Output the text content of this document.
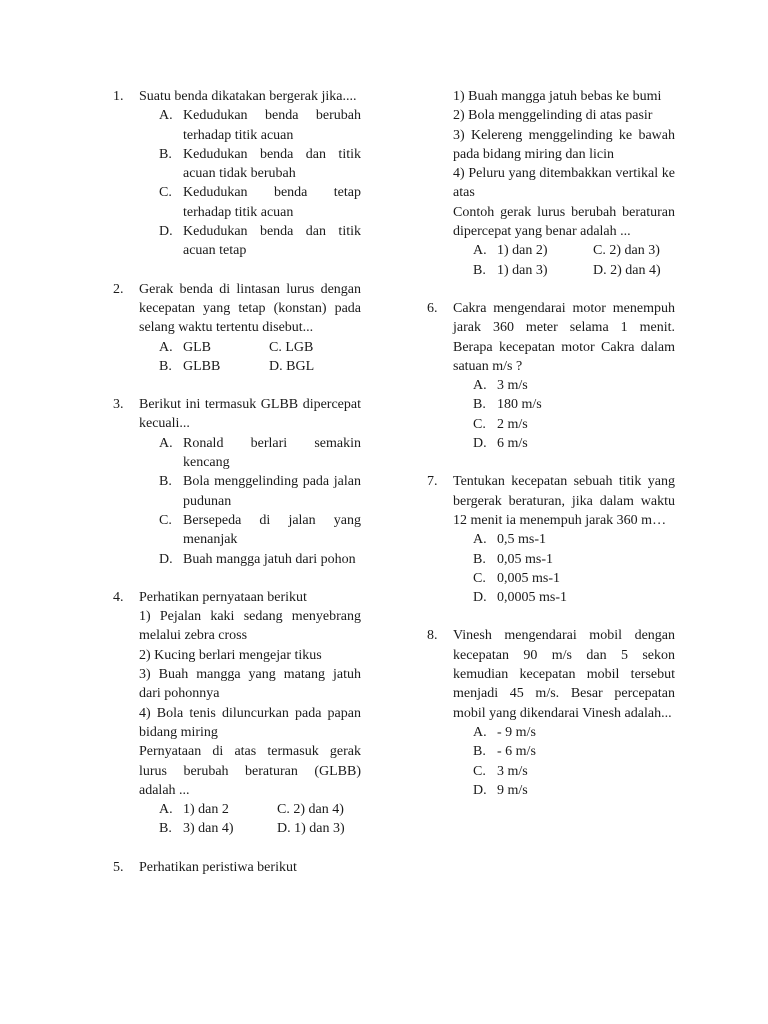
1. Suatu benda dikatakan bergerak jika....
A. Kedudukan benda berubah terhadap titik acuan
B. Kedudukan benda dan titik acuan tidak berubah
C. Kedudukan benda tetap terhadap titik acuan
D. Kedudukan benda dan titik acuan tetap
2. Gerak benda di lintasan lurus dengan kecepatan yang tetap (konstan) pada selang waktu tertentu disebut...
A. GLB	C. LGB
B. GLBB	D. BGL
3. Berikut ini termasuk GLBB dipercepat kecuali...
A. Ronald berlari semakin kencang
B. Bola menggelinding pada jalan pudunan
C. Bersepeda di jalan yang menanjak
D. Buah mangga jatuh dari pohon
4. Perhatikan pernyataan berikut
1) Pejalan kaki sedang menyebrang melalui zebra cross
2) Kucing berlari mengejar tikus
3) Buah mangga yang matang jatuh dari pohonnya
4) Bola tenis diluncurkan pada papan bidang miring
Pernyataan di atas termasuk gerak lurus berubah beraturan (GLBB) adalah ...
A. 1) dan 2	C. 2) dan 4)
B. 3) dan 4)	D. 1) dan 3)
5. Perhatikan peristiwa berikut
1) Buah mangga jatuh bebas ke bumi
2) Bola menggelinding di atas pasir
3) Kelereng menggelinding ke bawah pada bidang miring dan licin
4) Peluru yang ditembakkan vertikal ke atas
Contoh gerak lurus berubah beraturan dipercepat yang benar adalah ...
A. 1) dan 2)	C. 2) dan 3)
B. 1) dan 3)	D. 2) dan 4)
6. Cakra mengendarai motor menempuh jarak 360 meter selama 1 menit. Berapa kecepatan motor Cakra dalam satuan m/s ?
A. 3 m/s
B. 180 m/s
C. 2 m/s
D. 6 m/s
7. Tentukan kecepatan sebuah titik yang bergerak beraturan, jika dalam waktu 12 menit ia menempuh jarak 360 m…
A. 0,5 ms-1
B. 0,05 ms-1
C. 0,005 ms-1
D. 0,0005 ms-1
8. Vinesh mengendarai mobil dengan kecepatan 90 m/s dan 5 sekon kemudian kecepatan mobil tersebut menjadi 45 m/s. Besar percepatan mobil yang dikendarai Vinesh adalah...
A. - 9 m/s
B. - 6 m/s
C. 3 m/s
D. 9 m/s
